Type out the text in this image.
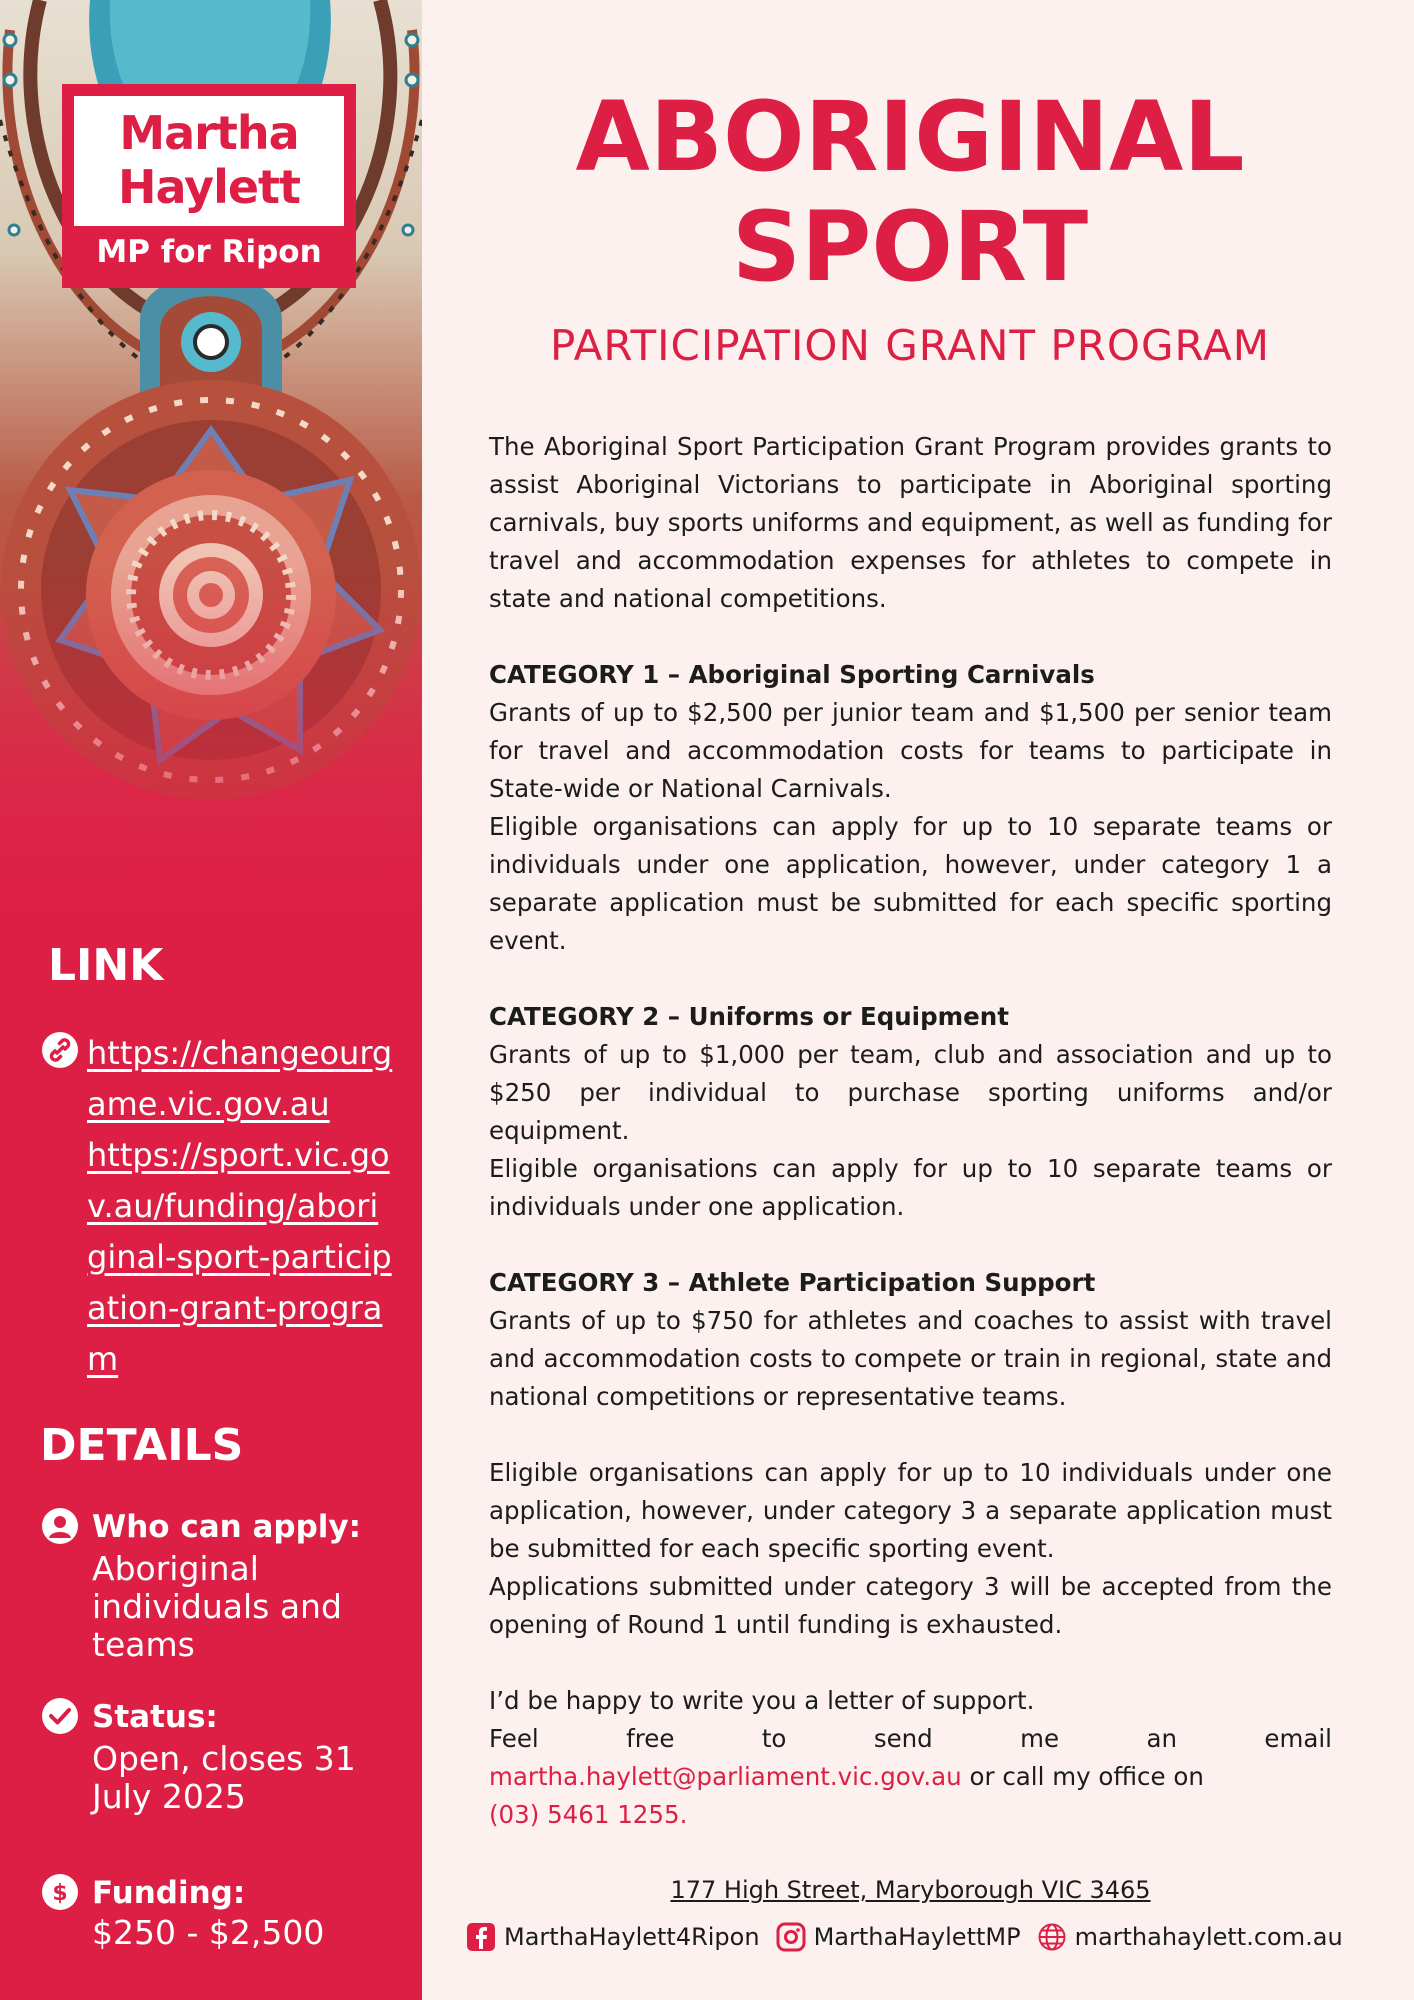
Martha Haylett
MP for Ripon
LINK
https://changeourgame.vic.gov.au
https://sport.vic.gov.au/funding/aboriginal-sport-participation-grant-program
DETAILS
Who can apply:
Aboriginal individuals and teams
Status:
Open, closes 31 July 2025
$ Funding:
$250 - $2,500
ABORIGINAL SPORT
PARTICIPATION GRANT PROGRAM

The Aboriginal Sport Participation Grant Program provides grants to assist Aboriginal Victorians to participate in Aboriginal sporting carnivals, buy sports uniforms and equipment, as well as funding for travel and accommodation expenses for athletes to compete in state and national competitions.

CATEGORY 1 – Aboriginal Sporting Carnivals

Grants of up to $2,500 per junior team and $1,500 per senior team for travel and accommodation costs for teams to participate in State-wide or National Carnivals.

Eligible organisations can apply for up to 10 separate teams or individuals under one application, however, under category 1 a separate application must be submitted for each specific sporting event.

CATEGORY 2 – Uniforms or Equipment

Grants of up to $1,000 per team, club and association and up to $250 per individual to purchase sporting uniforms and/or equipment.

Eligible organisations can apply for up to 10 separate teams or individuals under one application.

CATEGORY 3 – Athlete Participation Support

Grants of up to $750 for athletes and coaches to assist with travel and accommodation costs to compete or train in regional, state and national competitions or representative teams.

Eligible organisations can apply for up to 10 individuals under one application, however, under category 3 a separate application must be submitted for each specific sporting event.

Applications submitted under category 3 will be accepted from the opening of Round 1 until funding is exhausted.

I’d be happy to write you a letter of support.

Feel free to send me an email

martha.haylett@parliament.vic.gov.au or call my office on

(03) 5461 1255.

177 High Street, Maryborough VIC 3465
MarthaHaylett4Ripon MarthaHaylettMP marthahaylett.com.au
